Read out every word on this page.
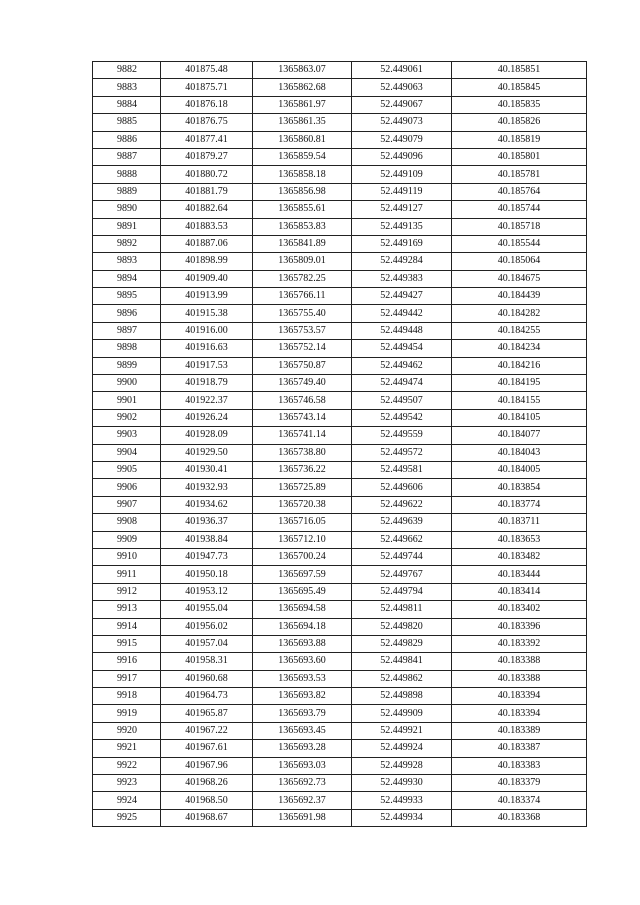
9882	401875.48	1365863.07	52.449061	40.185851
9883	401875.71	1365862.68	52.449063	40.185845
9884	401876.18	1365861.97	52.449067	40.185835
9885	401876.75	1365861.35	52.449073	40.185826
9886	401877.41	1365860.81	52.449079	40.185819
9887	401879.27	1365859.54	52.449096	40.185801
9888	401880.72	1365858.18	52.449109	40.185781
9889	401881.79	1365856.98	52.449119	40.185764
9890	401882.64	1365855.61	52.449127	40.185744
9891	401883.53	1365853.83	52.449135	40.185718
9892	401887.06	1365841.89	52.449169	40.185544
9893	401898.99	1365809.01	52.449284	40.185064
9894	401909.40	1365782.25	52.449383	40.184675
9895	401913.99	1365766.11	52.449427	40.184439
9896	401915.38	1365755.40	52.449442	40.184282
9897	401916.00	1365753.57	52.449448	40.184255
9898	401916.63	1365752.14	52.449454	40.184234
9899	401917.53	1365750.87	52.449462	40.184216
9900	401918.79	1365749.40	52.449474	40.184195
9901	401922.37	1365746.58	52.449507	40.184155
9902	401926.24	1365743.14	52.449542	40.184105
9903	401928.09	1365741.14	52.449559	40.184077
9904	401929.50	1365738.80	52.449572	40.184043
9905	401930.41	1365736.22	52.449581	40.184005
9906	401932.93	1365725.89	52.449606	40.183854
9907	401934.62	1365720.38	52.449622	40.183774
9908	401936.37	1365716.05	52.449639	40.183711
9909	401938.84	1365712.10	52.449662	40.183653
9910	401947.73	1365700.24	52.449744	40.183482
9911	401950.18	1365697.59	52.449767	40.183444
9912	401953.12	1365695.49	52.449794	40.183414
9913	401955.04	1365694.58	52.449811	40.183402
9914	401956.02	1365694.18	52.449820	40.183396
9915	401957.04	1365693.88	52.449829	40.183392
9916	401958.31	1365693.60	52.449841	40.183388
9917	401960.68	1365693.53	52.449862	40.183388
9918	401964.73	1365693.82	52.449898	40.183394
9919	401965.87	1365693.79	52.449909	40.183394
9920	401967.22	1365693.45	52.449921	40.183389
9921	401967.61	1365693.28	52.449924	40.183387
9922	401967.96	1365693.03	52.449928	40.183383
9923	401968.26	1365692.73	52.449930	40.183379
9924	401968.50	1365692.37	52.449933	40.183374
9925	401968.67	1365691.98	52.449934	40.183368
